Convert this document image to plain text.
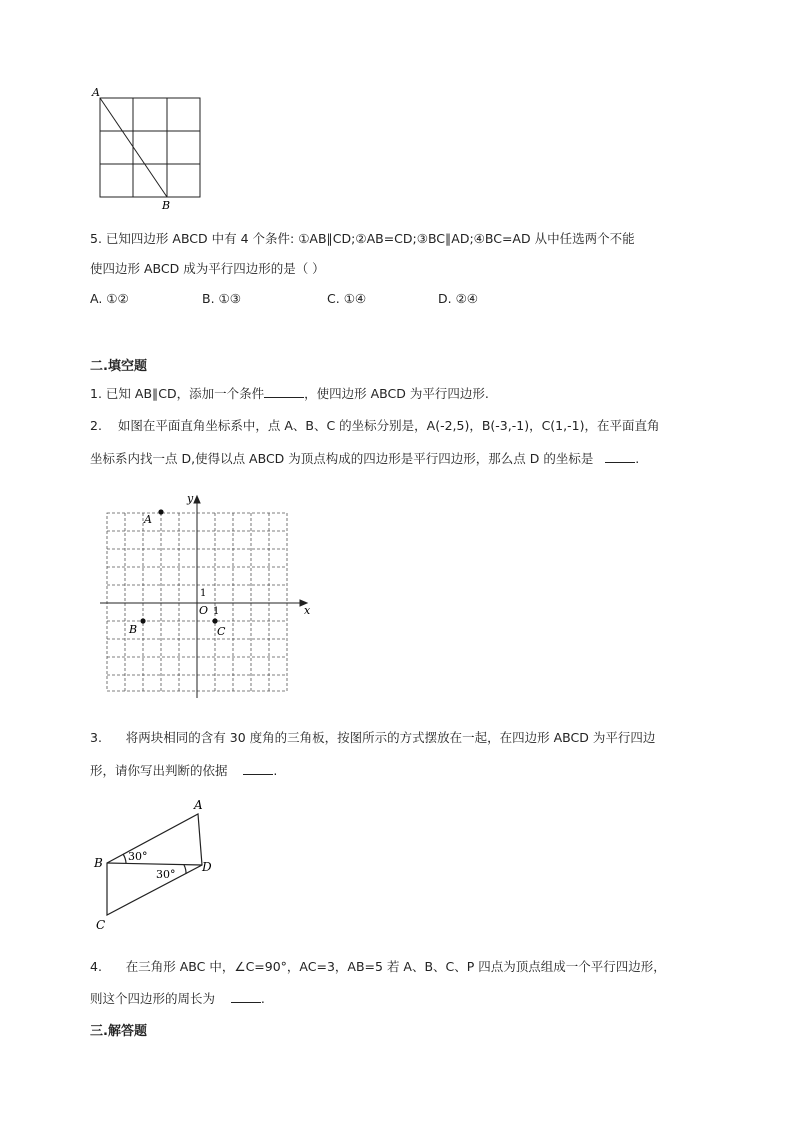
A
B
5. 已知四边形 ABCD 中有 4 个条件: ①AB∥CD;②AB=CD;③BC∥AD;④BC=AD 从中任选两个不能
使四边形 ABCD 成为平行四边形的是（ ）
A. ①②	B. ①③	C. ①④	D. ②④
二.填空题
1. 已知 AB∥CD，添加一个条件	，使四边形 ABCD 为平行四边形.
2. 如图在平面直角坐标系中，点 A、B、C 的坐标分别是，A(-2,5)，B(-3,-1)，C(1,-1)，在平面直角
坐标系内找一点 D,使得以点 ABCD 为顶点构成的四边形是平行四边形，那么点 D 的坐标是	.
x
y
O
1
1
A
B	C
3. 将两块相同的含有 30 度角的三角板，按图所示的方式摆放在一起，在四边形 ABCD 为平行四边
形，请你写出判断的依据	.
A
B
C
D
30°
30°
4. 在三角形 ABC 中，∠C=90°，AC=3，AB=5 若 A、B、C、P 四点为顶点组成一个平行四边形，
则这个四边形的周长为	.
三.解答题
